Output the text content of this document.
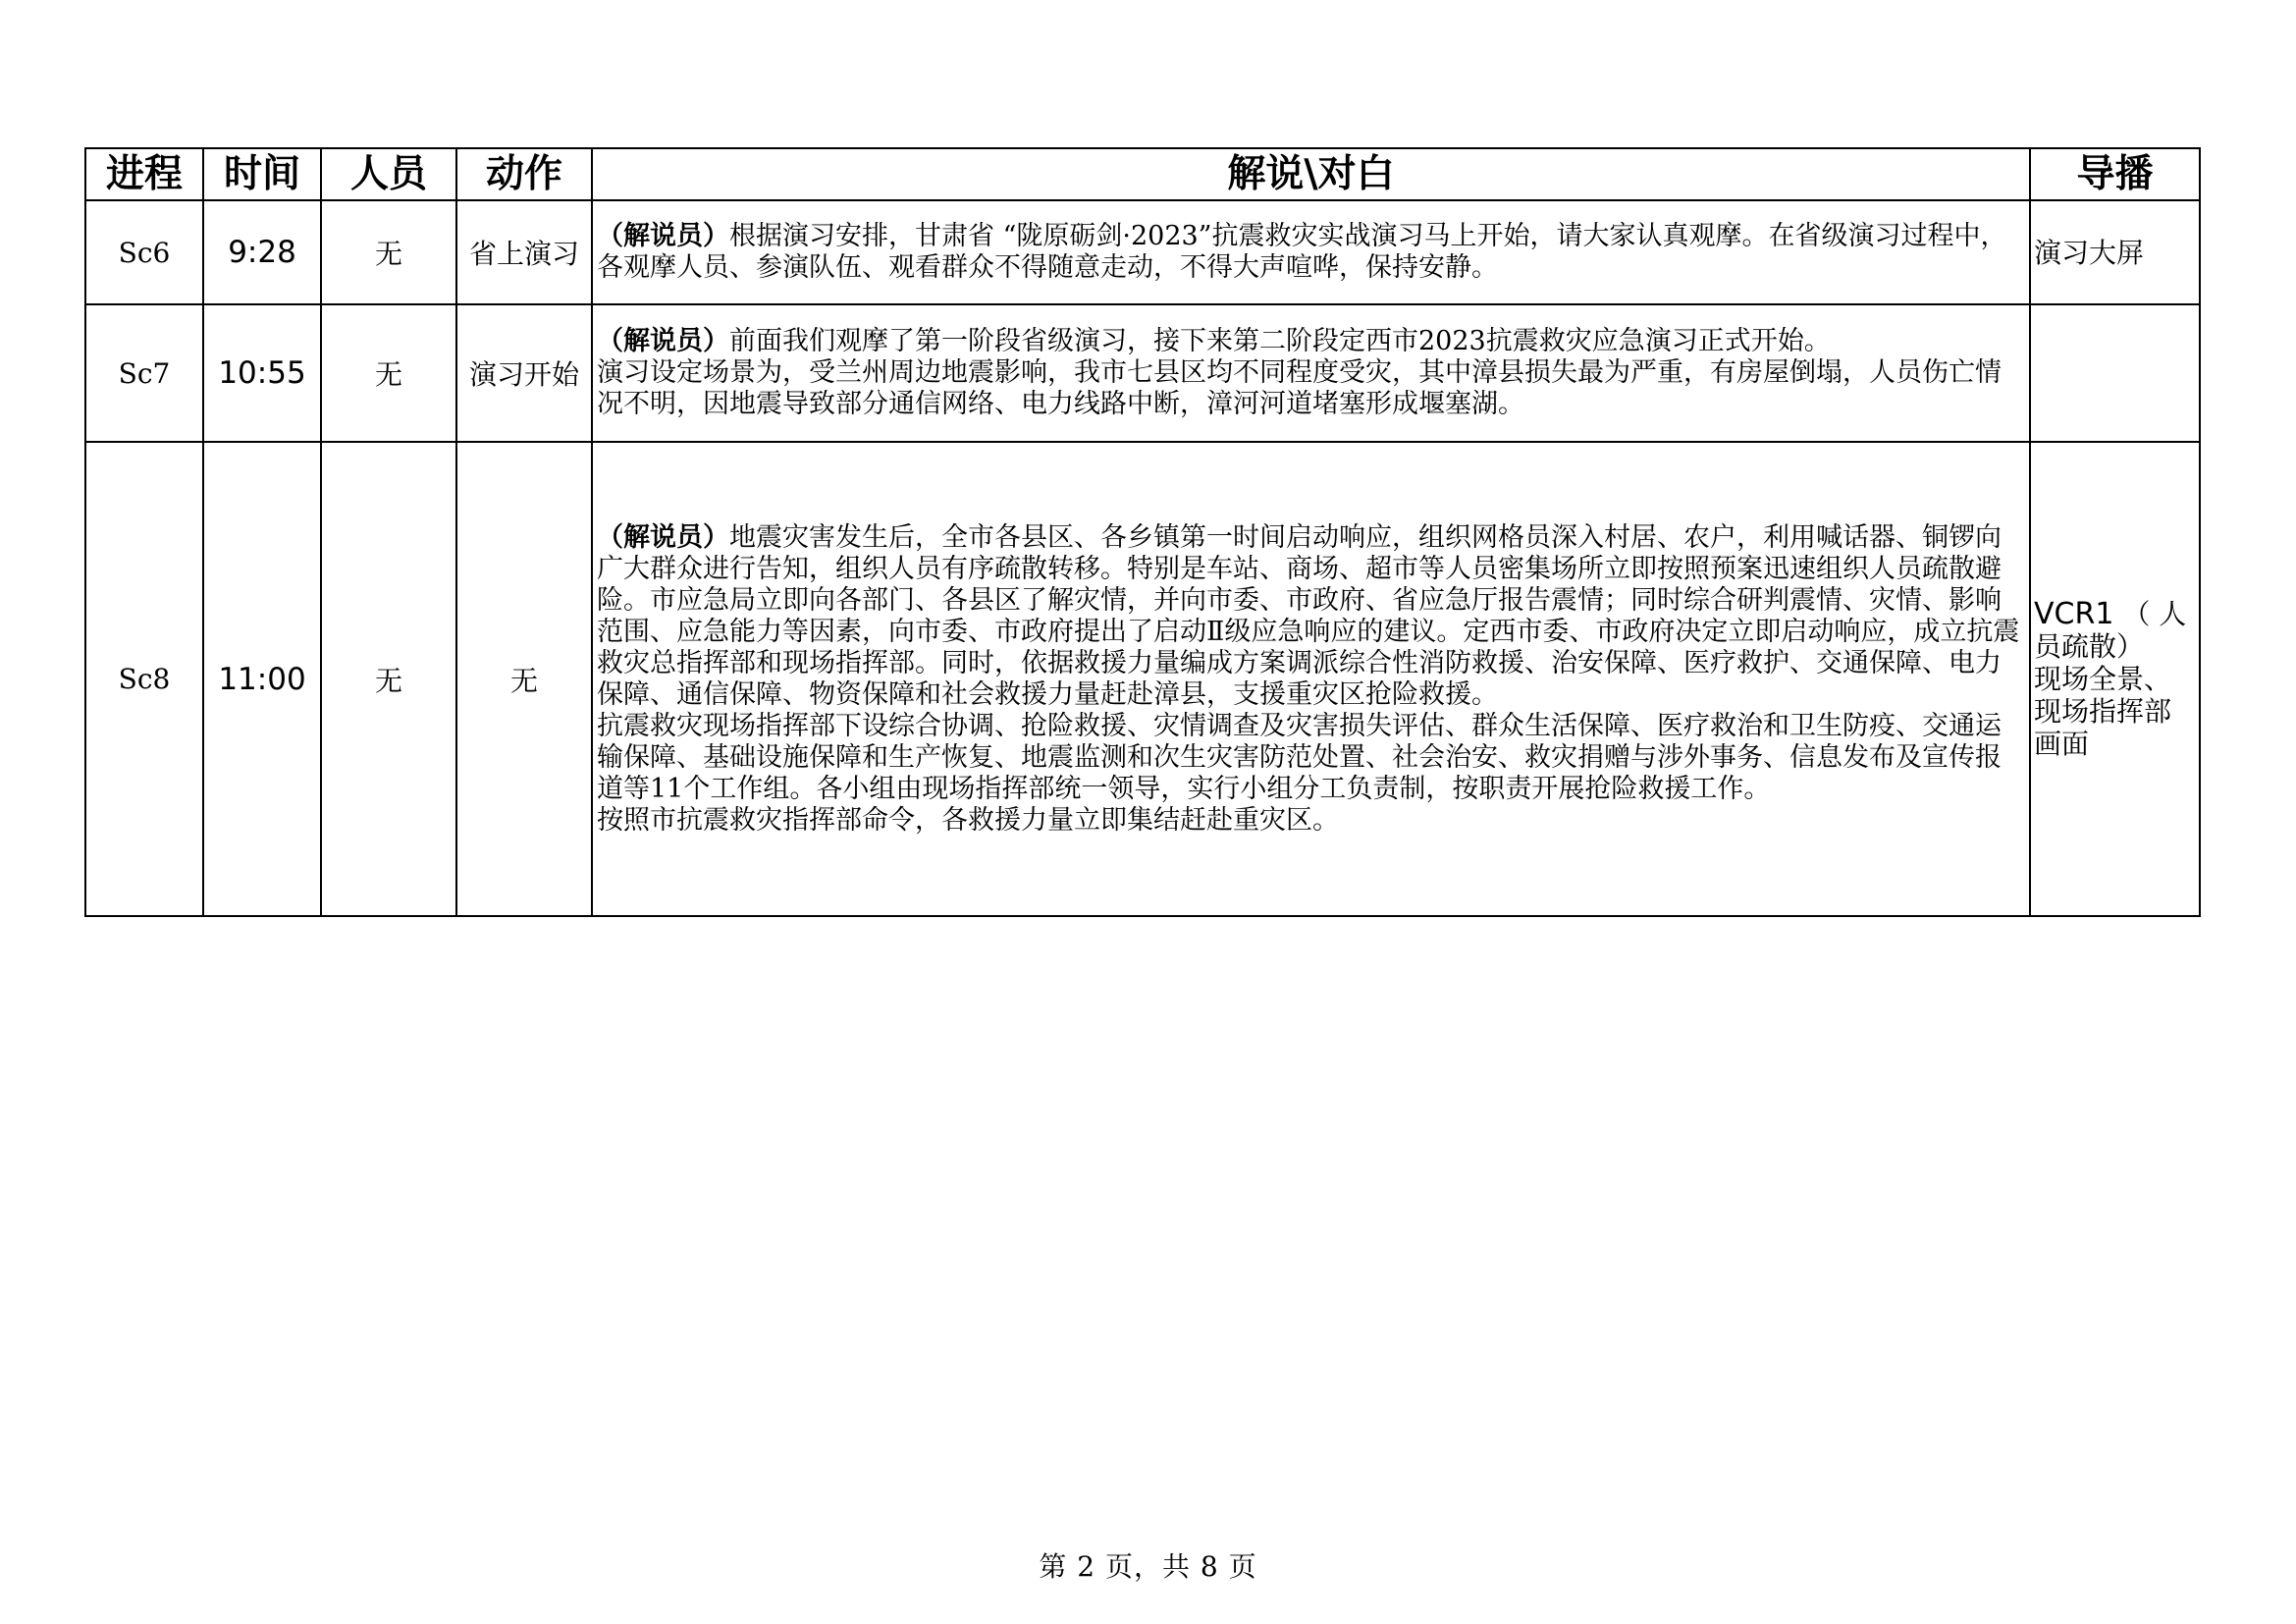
进程	时间	人员	动作	解说\对白	导播
Sc6	9:28	无	省上演习	（解说员）根据演习安排，甘肃省 “陇原砺剑·2023”抗震救灾实战演习马上开始，请大家认真观摩。在省级演习过程中，各观摩人员、参演队伍、观看群众不得随意走动，不得大声喧哗，保持安静。	演习大屏

Sc7	10:55	无	演习开始	（解说员）前面我们观摩了第一阶段省级演习，接下来第二阶段定西市2023抗震救灾应急演习正式开始。
演习设定场景为，受兰州周边地震影响，我市七县区均不同程度受灾，其中漳县损失最为严重，有房屋倒塌，人员伤亡情况不明，因地震导致部分通信网络、电力线路中断，漳河河道堵塞形成堰塞湖。	

Sc8	11:00	无	无	（解说员）地震灾害发生后，全市各县区、各乡镇第一时间启动响应，组织网格员深入村居、农户，利用喊话器、铜锣向广大群众进行告知，组织人员有序疏散转移。特别是车站、商场、超市等人员密集场所立即按照预案迅速组织人员疏散避险。市应急局立即向各部门、各县区了解灾情，并向市委、市政府、省应急厅报告震情；同时综合研判震情、灾情、影响范围、应急能力等因素，向市委、市政府提出了启动Ⅱ级应急响应的建议。定西市委、市政府决定立即启动响应，成立抗震救灾总指挥部和现场指挥部。同时，依据救援力量编成方案调派综合性消防救援、治安保障、医疗救护、交通保障、电力保障、通信保障、物资保障和社会救援力量赶赴漳县，支援重灾区抢险救援。
抗震救灾现场指挥部下设综合协调、抢险救援、灾情调查及灾害损失评估、群众生活保障、医疗救治和卫生防疫、交通运输保障、基础设施保障和生产恢复、地震监测和次生灾害防范处置、社会治安、救灾捐赠与涉外事务、信息发布及宣传报道等11个工作组。各小组由现场指挥部统一领导，实行小组分工负责制，按职责开展抢险救援工作。
按照市抗震救灾指挥部命令，各救援力量立即集结赶赴重灾区。	VCR1 （ 人员疏散）
现场全景、现场指挥部画面
第 2 页，共 8 页
